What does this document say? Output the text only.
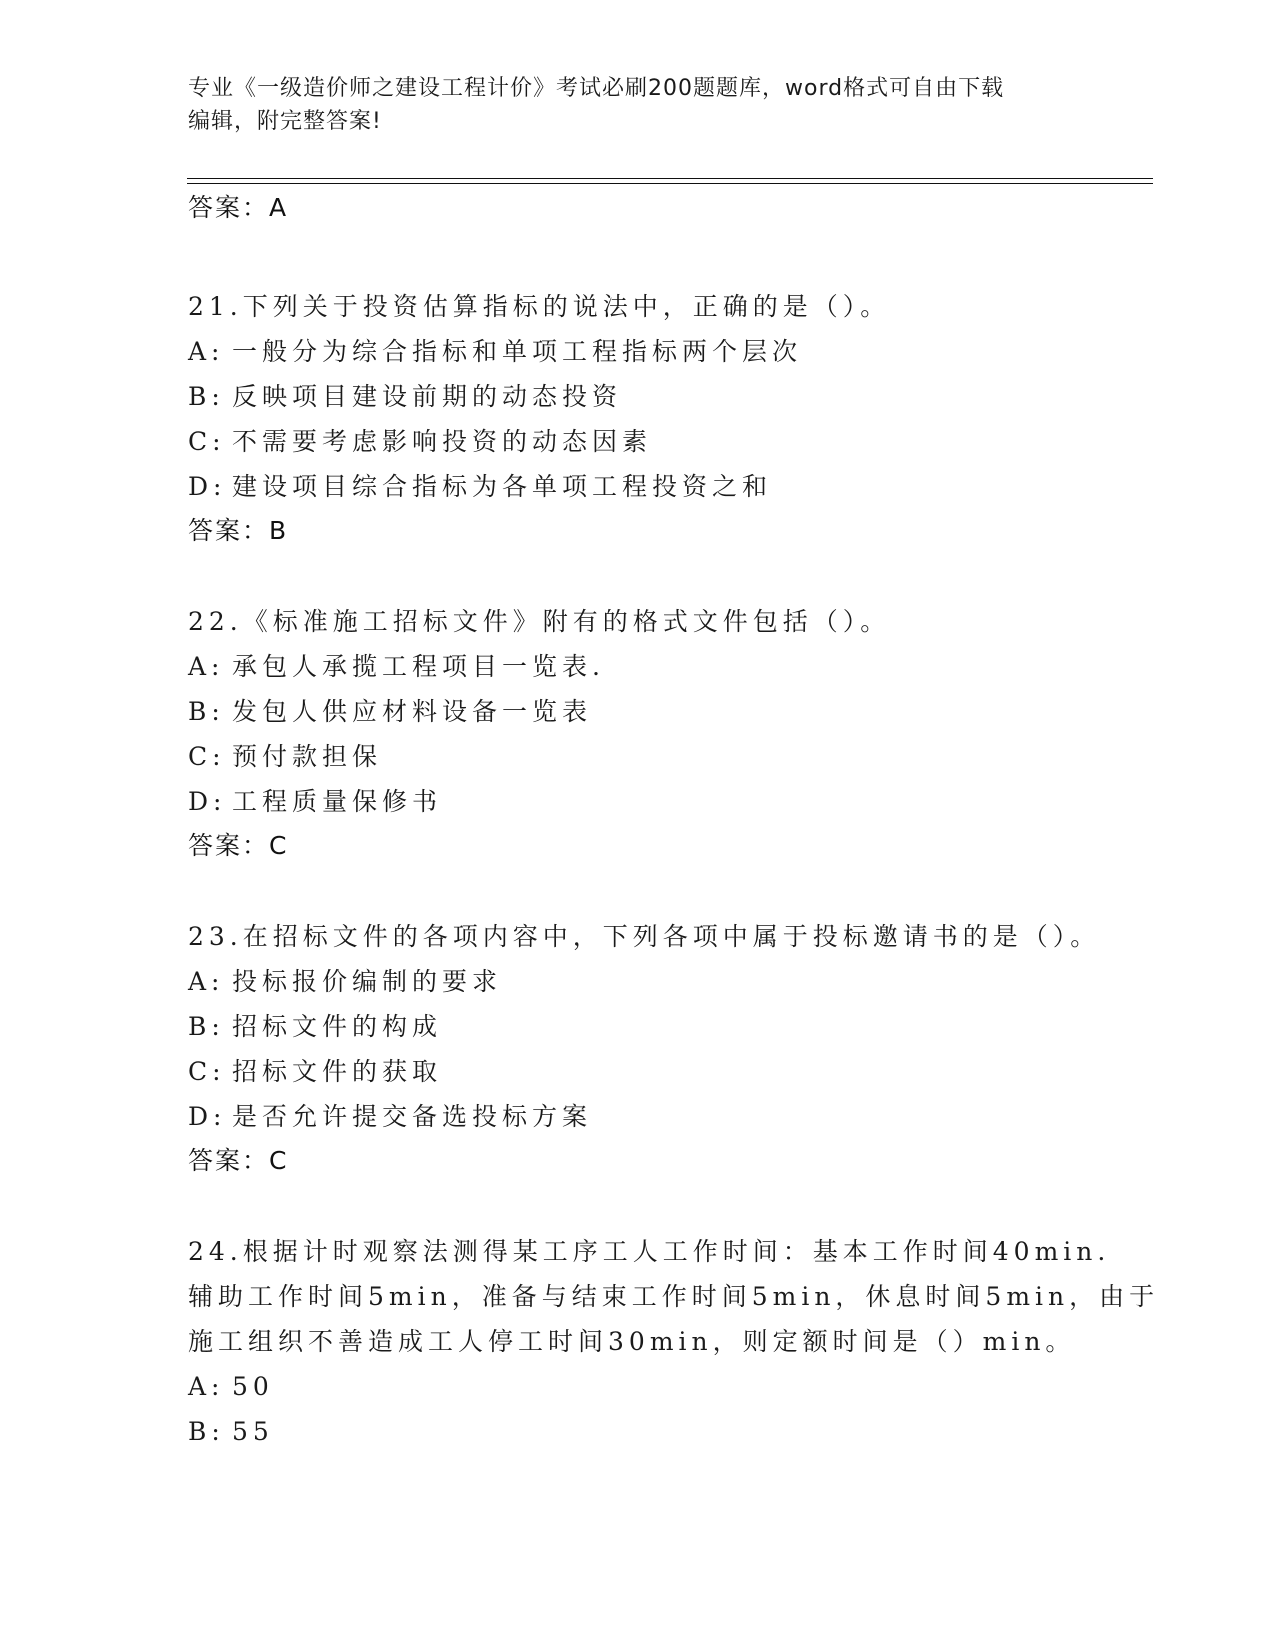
专业《一级造价师之建设工程计价》考试必刷200题题库，word格式可自由下载
编辑，附完整答案!
答案：A
21.下列关于投资估算指标的说法中，正确的是（）。
A: 一般分为综合指标和单项工程指标两个层次
B: 反映项目建设前期的动态投资
C: 不需要考虑影响投资的动态因素
D: 建设项目综合指标为各单项工程投资之和
答案：B
22.《标准施工招标文件》附有的格式文件包括（）。
A: 承包人承揽工程项目一览表.
B: 发包人供应材料设备一览表
C: 预付款担保
D: 工程质量保修书
答案：C
23.在招标文件的各项内容中，下列各项中属于投标邀请书的是（）。
A: 投标报价编制的要求
B: 招标文件的构成
C: 招标文件的获取
D: 是否允许提交备选投标方案
答案：C
24.根据计时观察法测得某工序工人工作时间：基本工作时间40min.
辅助工作时间5min，准备与结束工作时间5min，休息时间5min，由于
施工组织不善造成工人停工时间30min，则定额时间是（）min。
A: 50
B: 55
